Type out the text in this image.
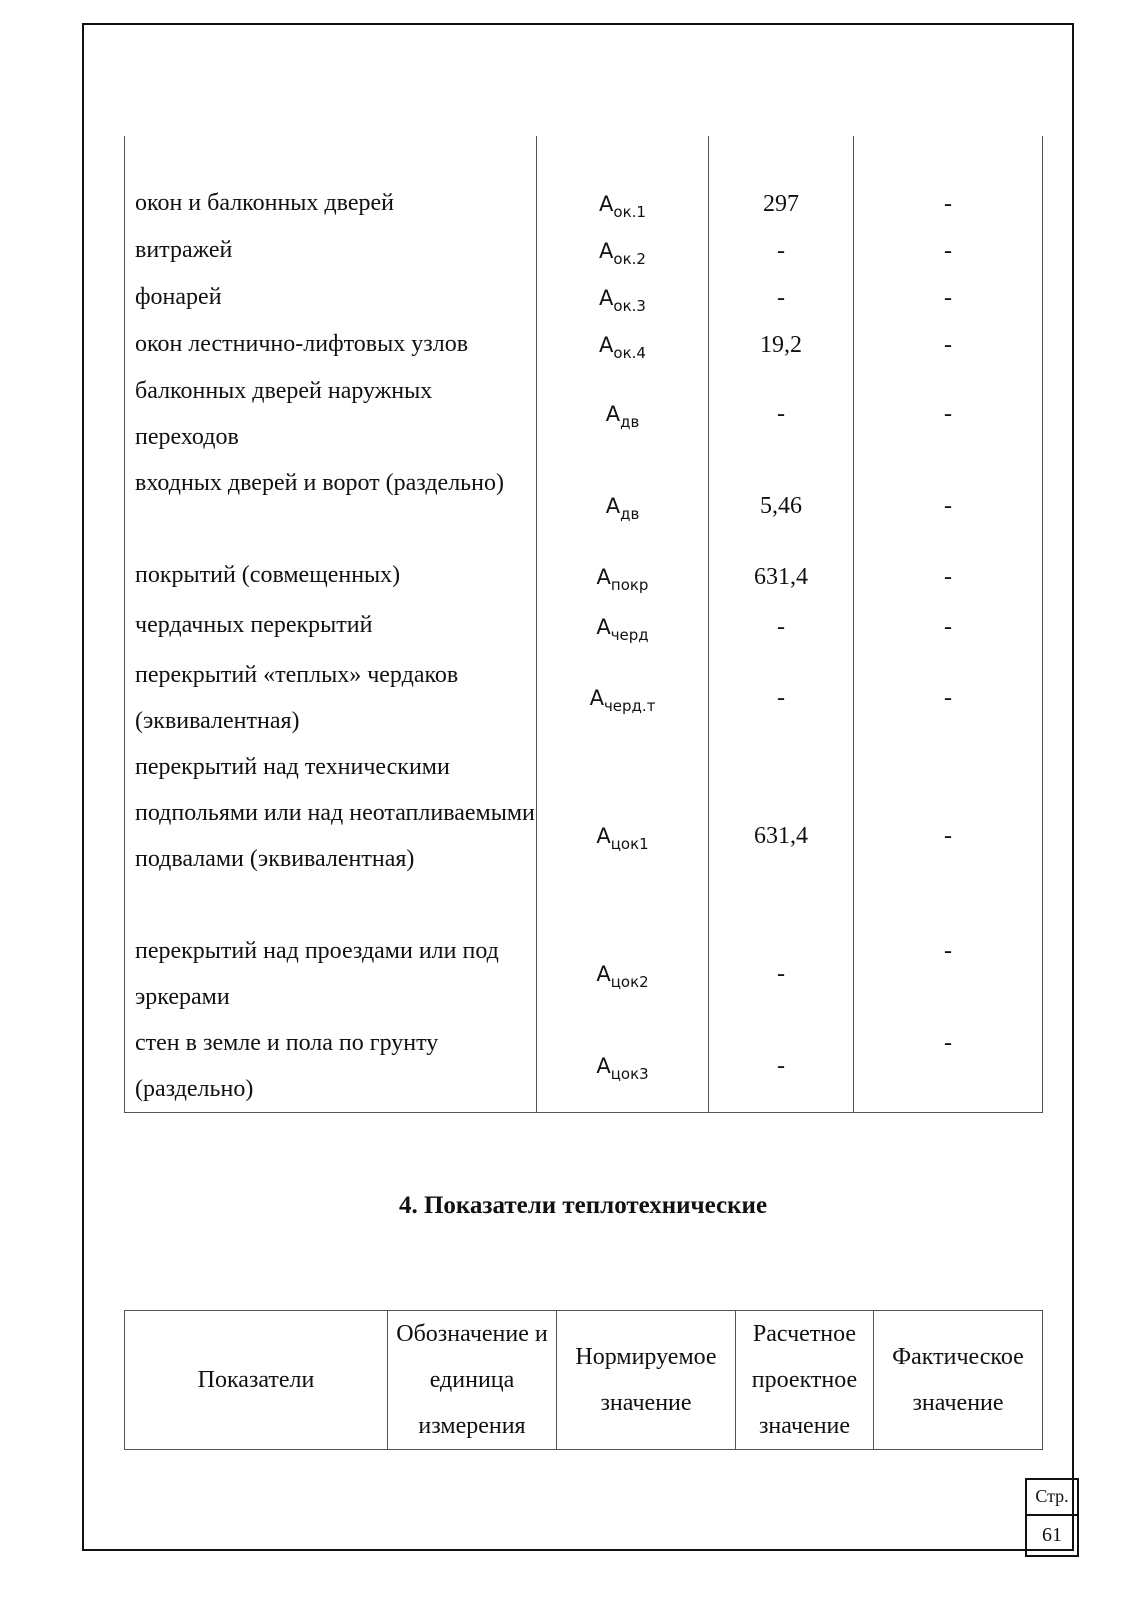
окон и балконных дверей	$А_{ок.1}$	297	-
витражей	$А_{ок.2}$	-	-
фонарей	$А_{ок.3}$	-	-
окон лестнично-лифтовых узлов	$А_{ок.4}$	19,2	-
балконных дверей наружных переходов	$А_{дв}$	-	-
входных дверей и ворот (раздельно)	$А_{дв}$	5,46	-
покрытий (совмещенных)	$А_{покр}$	631,4	-
чердачных перекрытий	$А_{черд}$	-	-
перекрытий «теплых» чердаков (эквивалентная)	$А_{черд.т}$	-	-
перекрытий над техническими подпольями или над неотапливаемыми подвалами (эквивалентная)	$А_{цок1}$	631,4	-
перекрытий над проездами или под эркерами	$А_{цок2}$	-	-
стен в земле и пола по грунту (раздельно)	$А_{цок3}$	-	-
4. Показатели теплотехнические
Показатели	Обозначение и единица измерения	Нормируемое значение	Расчетное проектное значение	Фактическое значение
Стр.
61
